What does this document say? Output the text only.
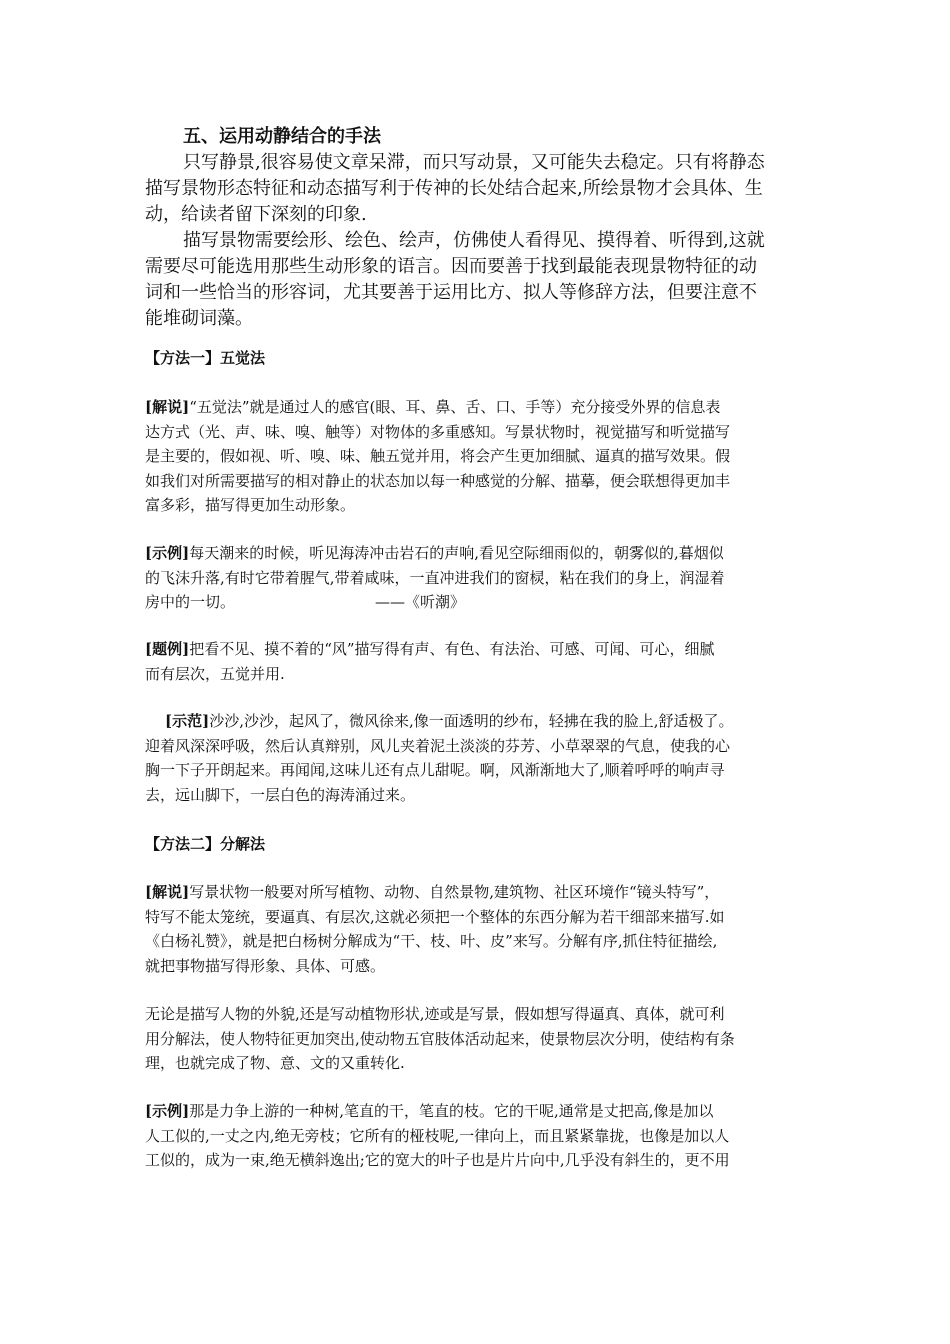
五、运用动静结合的手法
只写静景,很容易使文章呆滞，而只写动景，又可能失去稳定。只有将静态
描写景物形态特征和动态描写利于传神的长处结合起来,所绘景物才会具体、生
动，给读者留下深刻的印象.
描写景物需要绘形、绘色、绘声，仿佛使人看得见、摸得着、听得到,这就
需要尽可能选用那些生动形象的语言。因而要善于找到最能表现景物特征的动
词和一些恰当的形容词，尤其要善于运用比方、拟人等修辞方法，但要注意不
能堆砌词藻。
【方法一】五觉法
[解说]“五觉法”就是通过人的感官(眼、耳、鼻、舌、口、手等）充分接受外界的信息表
达方式（光、声、味、嗅、触等）对物体的多重感知。写景状物时，视觉描写和听觉描写
是主要的，假如视、听、嗅、味、触五觉并用，将会产生更加细腻、逼真的描写效果。假
如我们对所需要描写的相对静止的状态加以每一种感觉的分解、描摹，便会联想得更加丰
富多彩，描写得更加生动形象。
[示例]每天潮来的时候，听见海涛冲击岩石的声响,看见空际细雨似的，朝雾似的,暮烟似
的飞沫升落,有时它带着腥气,带着咸味，一直冲进我们的窗棂，粘在我们的身上，润湿着
房中的一切。	——《听潮》
[题例]把看不见、摸不着的“风”描写得有声、有色、有法治、可感、可闻、可心，细腻
而有层次，五觉并用.
[示范]沙沙,沙沙，起风了，微风徐来,像一面透明的纱布，轻拂在我的脸上,舒适极了。
迎着风深深呼吸，然后认真辩别，风儿夹着泥土淡淡的芬芳、小草翠翠的气息，使我的心
胸一下子开朗起来。再闻闻,这味儿还有点儿甜呢。啊，风渐渐地大了,顺着呼呼的响声寻
去，远山脚下，一层白色的海涛涌过来。
【方法二】分解法
[解说]写景状物一般要对所写植物、动物、自然景物,建筑物、社区环境作“镜头特写”，
特写不能太笼统，要逼真、有层次,这就必须把一个整体的东西分解为若干细部来描写.如
《白杨礼赞》，就是把白杨树分解成为“干、枝、叶、皮”来写。分解有序,抓住特征描绘,
就把事物描写得形象、具体、可感。
无论是描写人物的外貌,还是写动植物形状,迹或是写景，假如想写得逼真、真体，就可利
用分解法，使人物特征更加突出,使动物五官肢体活动起来，使景物层次分明，使结构有条
理，也就完成了物、意、文的又重转化.
[示例]那是力争上游的一种树,笔直的干，笔直的枝。它的干呢,通常是丈把高,像是加以
人工似的,一丈之内,绝无旁枝；它所有的桠枝呢,一律向上，而且紧紧靠拢，也像是加以人
工似的，成为一束,绝无横斜逸出;它的宽大的叶子也是片片向中,几乎没有斜生的，更不用
